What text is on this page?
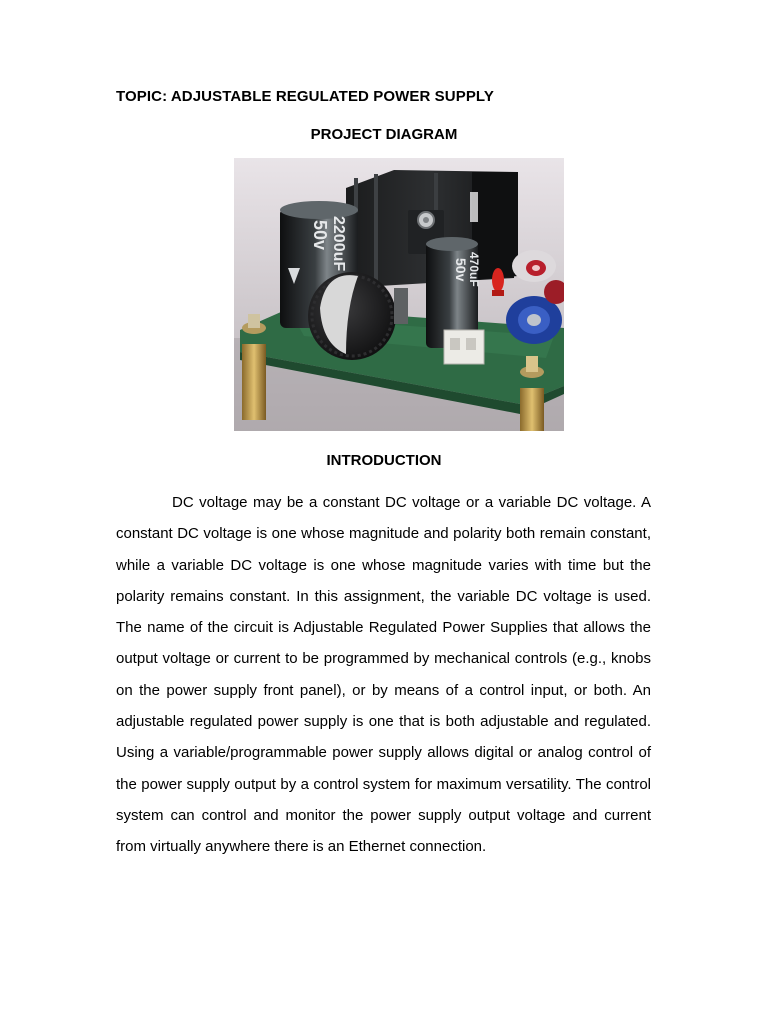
TOPIC: ADJUSTABLE REGULATED POWER SUPPLY
PROJECT DIAGRAM
2200uF
50v
470uF
50v
INTRODUCTION

DC voltage may be a constant DC voltage or a variable DC voltage. A constant DC voltage is one whose magnitude and polarity both remain constant, while a variable DC voltage is one whose magnitude varies with time but the polarity remains constant. In this assignment, the variable DC voltage is used. The name of the circuit is Adjustable Regulated Power Supplies that allows the output voltage or current to be programmed by mechanical controls (e.g., knobs on the power supply front panel), or by means of a control input, or both. An adjustable regulated power supply is one that is both adjustable and regulated. Using a variable/programmable power supply allows digital or analog control of the power supply output by a control system for maximum versatility. The control system can control and monitor the power supply output voltage and current from virtually anywhere there is an Ethernet connection.
